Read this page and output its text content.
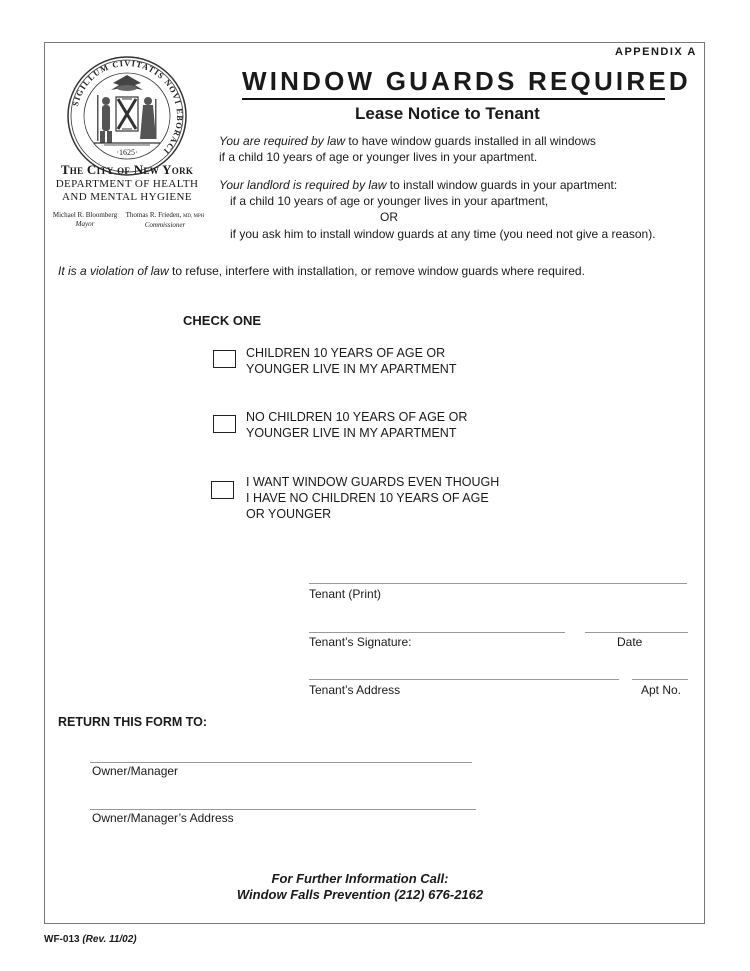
APPENDIX A
WINDOW GUARDS REQUIRED
Lease Notice to Tenant
SIGILLUM CIVITATIS NOVI EBORACI
·1625·
The City of New York
DEPARTMENT OF HEALTH
AND MENTAL HYGIENE
Michael R. Bloomberg
Mayor
Thomas R. Frieden, MD, MPH
Commissioner
You are required by law to have window guards installed in all windows
if a child 10 years of age or younger lives in your apartment.
Your landlord is required by law to install window guards in your apartment:
if a child 10 years of age or younger lives in your apartment,
OR
if you ask him to install window guards at any time (you need not give a reason).
It is a violation of law to refuse, interfere with installation, or remove window guards where required.
CHECK ONE
CHILDREN 10 YEARS OF AGE OR
YOUNGER LIVE IN MY APARTMENT
NO CHILDREN 10 YEARS OF AGE OR
YOUNGER LIVE IN MY APARTMENT
I WANT WINDOW GUARDS EVEN THOUGH
I HAVE NO CHILDREN 10 YEARS OF AGE
OR YOUNGER
Tenant (Print)
Tenant’s Signature:	Date
Tenant’s Address	Apt No.
RETURN THIS FORM TO:
Owner/Manager
Owner/Manager’s Address
For Further Information Call:
Window Falls Prevention (212) 676-2162
WF-013 (Rev. 11/02)
